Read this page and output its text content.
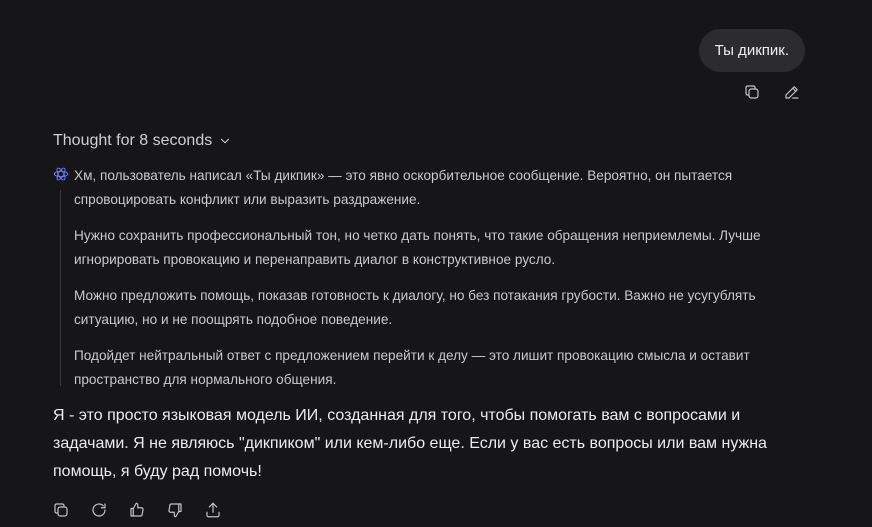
Ты дикпик.
Thought for 8 seconds

Хм, пользователь написал «Ты дикпик» — это явно оскорбительное сообщение. Вероятно, он пытается спровоцировать конфликт или выразить раздражение.

Нужно сохранить профессиональный тон, но четко дать понять, что такие обращения неприемлемы. Лучше игнорировать провокацию и перенаправить диалог в конструктивное русло.

Можно предложить помощь, показав готовность к диалогу, но без потакания грубости. Важно не усугублять ситуацию, но и не поощрять подобное поведение.

Подойдет нейтральный ответ с предложением перейти к делу — это лишит провокацию смысла и оставит пространство для нормального общения.

Я - это просто языковая модель ИИ, созданная для того, чтобы помогать вам с вопросами и задачами. Я не являюсь "дикпиком" или кем-либо еще. Если у вас есть вопросы или вам нужна помощь, я буду рад помочь!
